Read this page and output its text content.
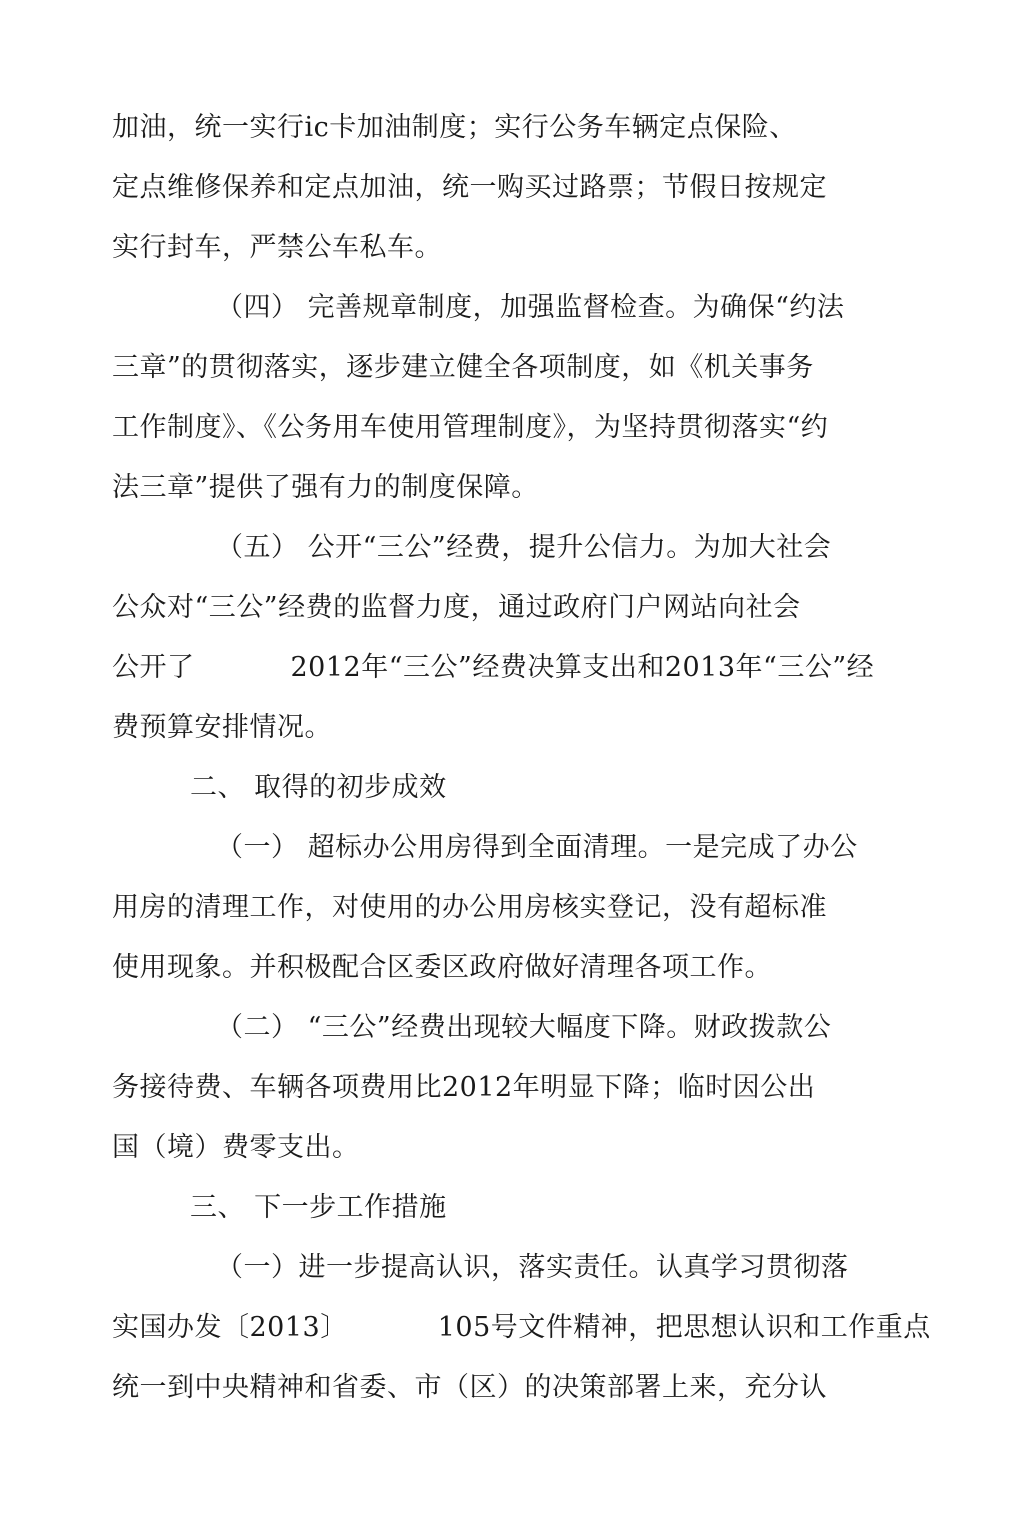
加油，统一实行ic卡加油制度；实行公务车辆定点保险、
定点维修保养和定点加油，统一购买过路票；节假日按规定
实行封车，严禁公车私车。
（四） 完善规章制度，加强监督检查。为确保“约法
三章”的贯彻落实，逐步建立健全各项制度，如《机关事务
工作制度》、《公务用车使用管理制度》，为坚持贯彻落实“约
法三章”提供了强有力的制度保障。
（五） 公开“三公”经费，提升公信力。为加大社会
公众对“三公”经费的监督力度，通过政府门户网站向社会
公开了	2012年“三公”经费决算支出和2013年“三公”经
费预算安排情况。
二、 取得的初步成效
（一） 超标办公用房得到全面清理。一是完成了办公
用房的清理工作，对使用的办公用房核实登记，没有超标准
使用现象。并积极配合区委区政府做好清理各项工作。
（二） “三公”经费出现较大幅度下降。财政拨款公
务接待费、车辆各项费用比2012年明显下降；临时因公出
国（境）费零支出。
三、 下一步工作措施
（一）进一步提高认识，落实责任。认真学习贯彻落
实国办发〔2013〕	105号文件精神，把思想认识和工作重点
统一到中央精神和省委、市（区）的决策部署上来，充分认
